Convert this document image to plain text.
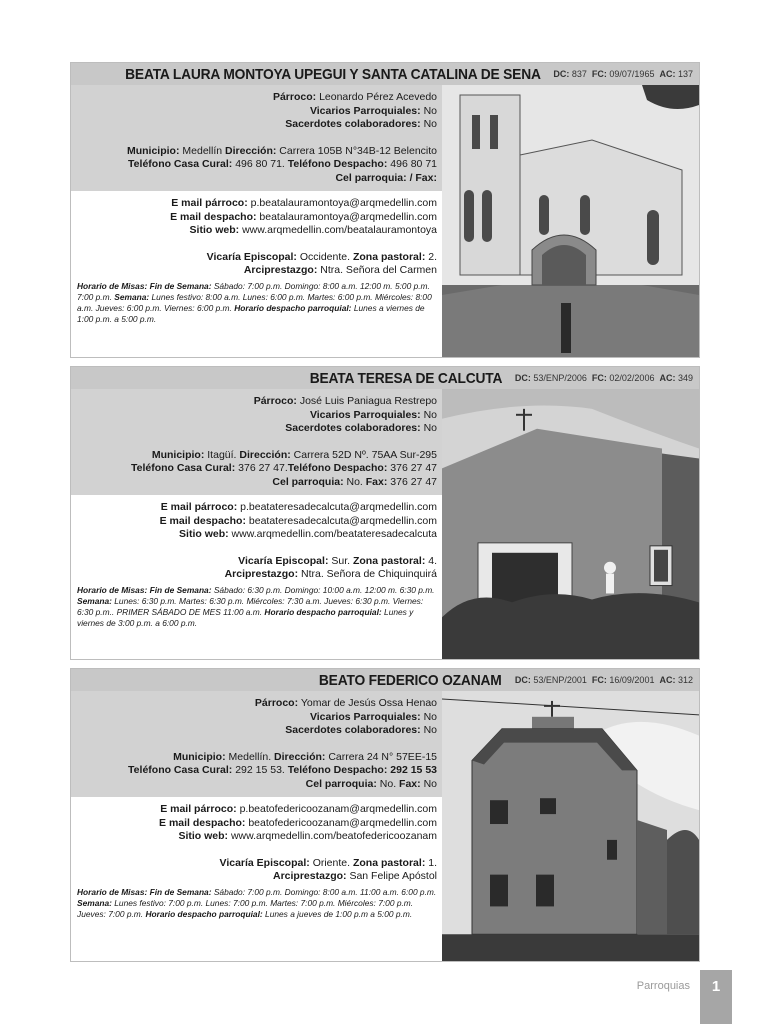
BEATA LAURA MONTOYA UPEGUI Y SANTA CATALINA DE SENA DC: 837 FC: 09/07/1965 AC: 137
Párroco: Leonardo Pérez Acevedo
Vicarios Parroquiales: No
Sacerdotes colaboradores: No
Municipio: Medellín Dirección: Carrera 105B N°34B-12 Belencito
Teléfono Casa Cural: 496 80 71. Teléfono Despacho: 496 80 71
Cel parroquia: / Fax:
E mail párroco: p.beatalauramontoya@arqmedellin.com
E mail despacho: beatalauramontoya@arqmedellin.com
Sitio web: www.arqmedellin.com/beatalauramontoya
Vicaría Episcopal: Occidente. Zona pastoral: 2.
Arciprestazgo: Ntra. Señora del Carmen
Horario de Misas: Fin de Semana: Sábado: 7:00 p.m. Domingo: 8:00 a.m. 12:00 m. 5:00 p.m. 7:00 p.m. Semana: Lunes festivo: 8:00 a.m. Lunes: 6:00 p.m. Martes: 6:00 p.m. Miércoles: 8:00 a.m. Jueves: 6:00 p.m. Viernes: 6:00 p.m. Horario despacho parroquial: Lunes a viernes de 1:00 p.m. a 5:00 p.m.
BEATA TERESA DE CALCUTA DC: 53/ENP/2006 FC: 02/02/2006 AC: 349
Párroco: José Luis Paniagua Restrepo
Vicarios Parroquiales: No
Sacerdotes colaboradores: No
Municipio: Itagüí. Dirección: Carrera 52D Nº. 75AA Sur-295
Teléfono Casa Cural: 376 27 47.Teléfono Despacho: 376 27 47
Cel parroquia: No. Fax: 376 27 47
E mail párroco: p.beatateresadecalcuta@arqmedellin.com
E mail despacho: beatateresadecalcuta@arqmedellin.com
Sitio web: www.arqmedellin.com/beatateresadecalcuta
Vicaría Episcopal: Sur. Zona pastoral: 4.
Arciprestazgo: Ntra. Señora de Chiquinquirá
Horario de Misas: Fin de Semana: Sábado: 6:30 p.m. Domingo: 10:00 a.m. 12:00 m. 6:30 p.m. Semana: Lunes: 6:30 p.m. Martes: 6:30 p.m. Miércoles: 7:30 a.m. Jueves: 6:30 p.m. Viernes: 6:30 p.m.. PRIMER SÁBADO DE MES 11:00 a.m. Horario despacho parroquial: Lunes y viernes de 3:00 p.m. a 6:00 p.m.
BEATO FEDERICO OZANAM DC: 53/ENP/2001 FC: 16/09/2001 AC: 312
Párroco: Yomar de Jesús Ossa Henao
Vicarios Parroquiales: No
Sacerdotes colaboradores: No
Municipio: Medellín. Dirección: Carrera 24 N° 57EE-15
Teléfono Casa Cural: 292 15 53. Teléfono Despacho: 292 15 53
Cel parroquia: No. Fax: No
E mail párroco: p.beatofedericoozanam@arqmedellin.com
E mail despacho: beatofedericoozanam@arqmedellin.com
Sitio web: www.arqmedellin.com/beatofedericoozanam
Vicaría Episcopal: Oriente. Zona pastoral: 1.
Arciprestazgo: San Felipe Apóstol
Horario de Misas: Fin de Semana: Sábado: 7:00 p.m. Domingo: 8:00 a.m. 11:00 a.m. 6:00 p.m. Semana: Lunes festivo: 7:00 p.m. Lunes: 7:00 p.m. Martes: 7:00 p.m. Miércoles: 7:00 p.m. Jueves: 7:00 p.m. Horario despacho parroquial: Lunes a jueves de 1:00 p.m a 5:00 p.m.
Parroquias	1
